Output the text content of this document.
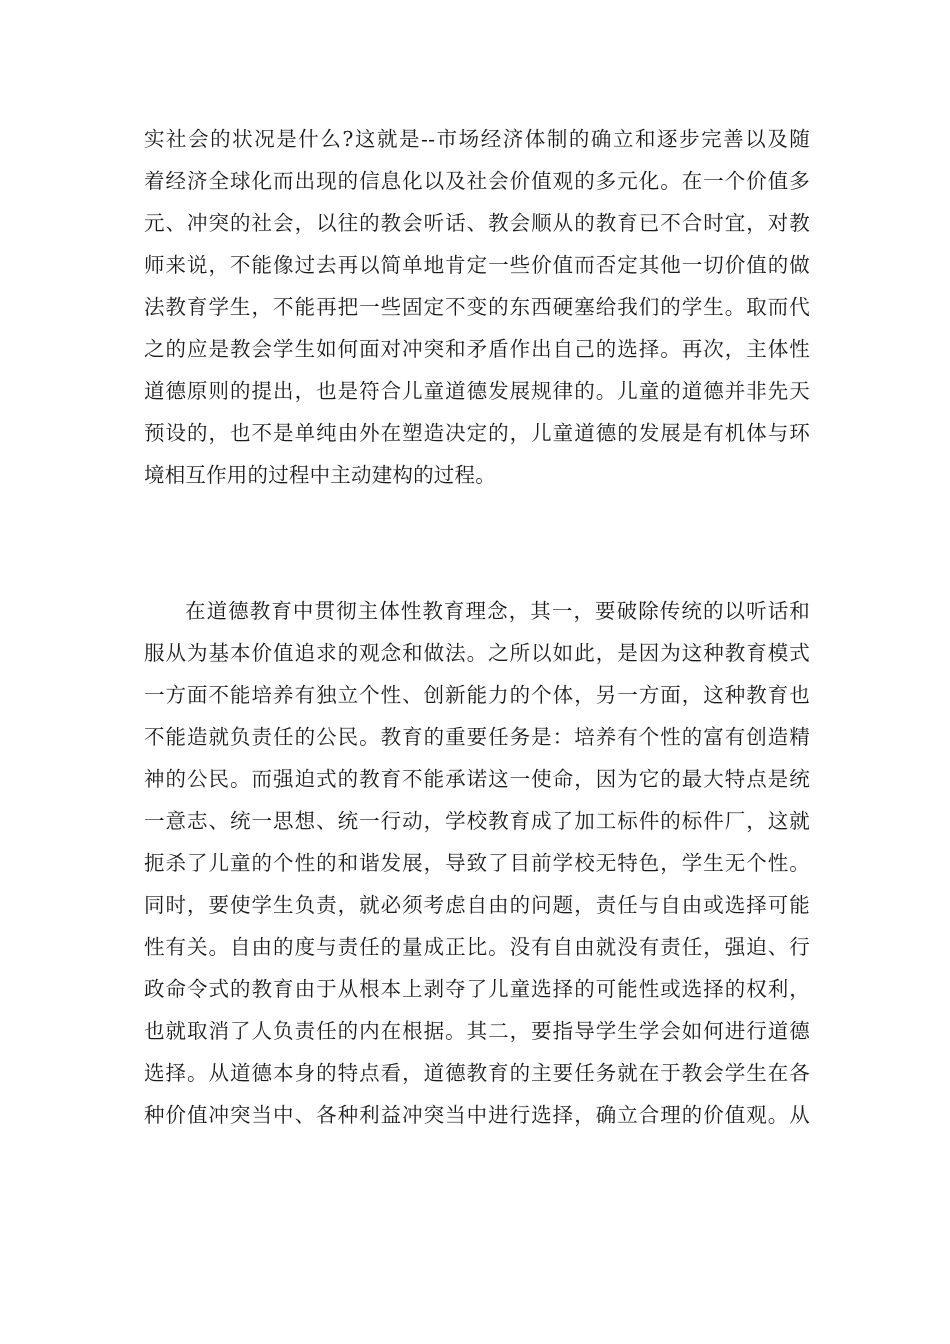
实社会的状况是什么?这就是--市场经济体制的确立和逐步完善以及随
着经济全球化而出现的信息化以及社会价值观的多元化。在一个价值多
元、冲突的社会，以往的教会听话、教会顺从的教育已不合时宜，对教
师来说，不能像过去再以简单地肯定一些价值而否定其他一切价值的做
法教育学生，不能再把一些固定不变的东西硬塞给我们的学生。取而代
之的应是教会学生如何面对冲突和矛盾作出自己的选择。再次，主体性
道德原则的提出，也是符合儿童道德发展规律的。儿童的道德并非先天
预设的，也不是单纯由外在塑造决定的，儿童道德的发展是有机体与环
境相互作用的过程中主动建构的过程。

在道德教育中贯彻主体性教育理念，其一，要破除传统的以听话和
服从为基本价值追求的观念和做法。之所以如此，是因为这种教育模式
一方面不能培养有独立个性、创新能力的个体，另一方面，这种教育也
不能造就负责任的公民。教育的重要任务是：培养有个性的富有创造精
神的公民。而强迫式的教育不能承诺这一使命，因为它的最大特点是统
一意志、统一思想、统一行动，学校教育成了加工标件的标件厂，这就
扼杀了儿童的个性的和谐发展，导致了目前学校无特色，学生无个性。
同时，要使学生负责，就必须考虑自由的问题，责任与自由或选择可能
性有关。自由的度与责任的量成正比。没有自由就没有责任，强迫、行
政命令式的教育由于从根本上剥夺了儿童选择的可能性或选择的权利，
也就取消了人负责任的内在根据。其二，要指导学生学会如何进行道德
选择。从道德本身的特点看，道德教育的主要任务就在于教会学生在各
种价值冲突当中、各种利益冲突当中进行选择，确立合理的价值观。从
